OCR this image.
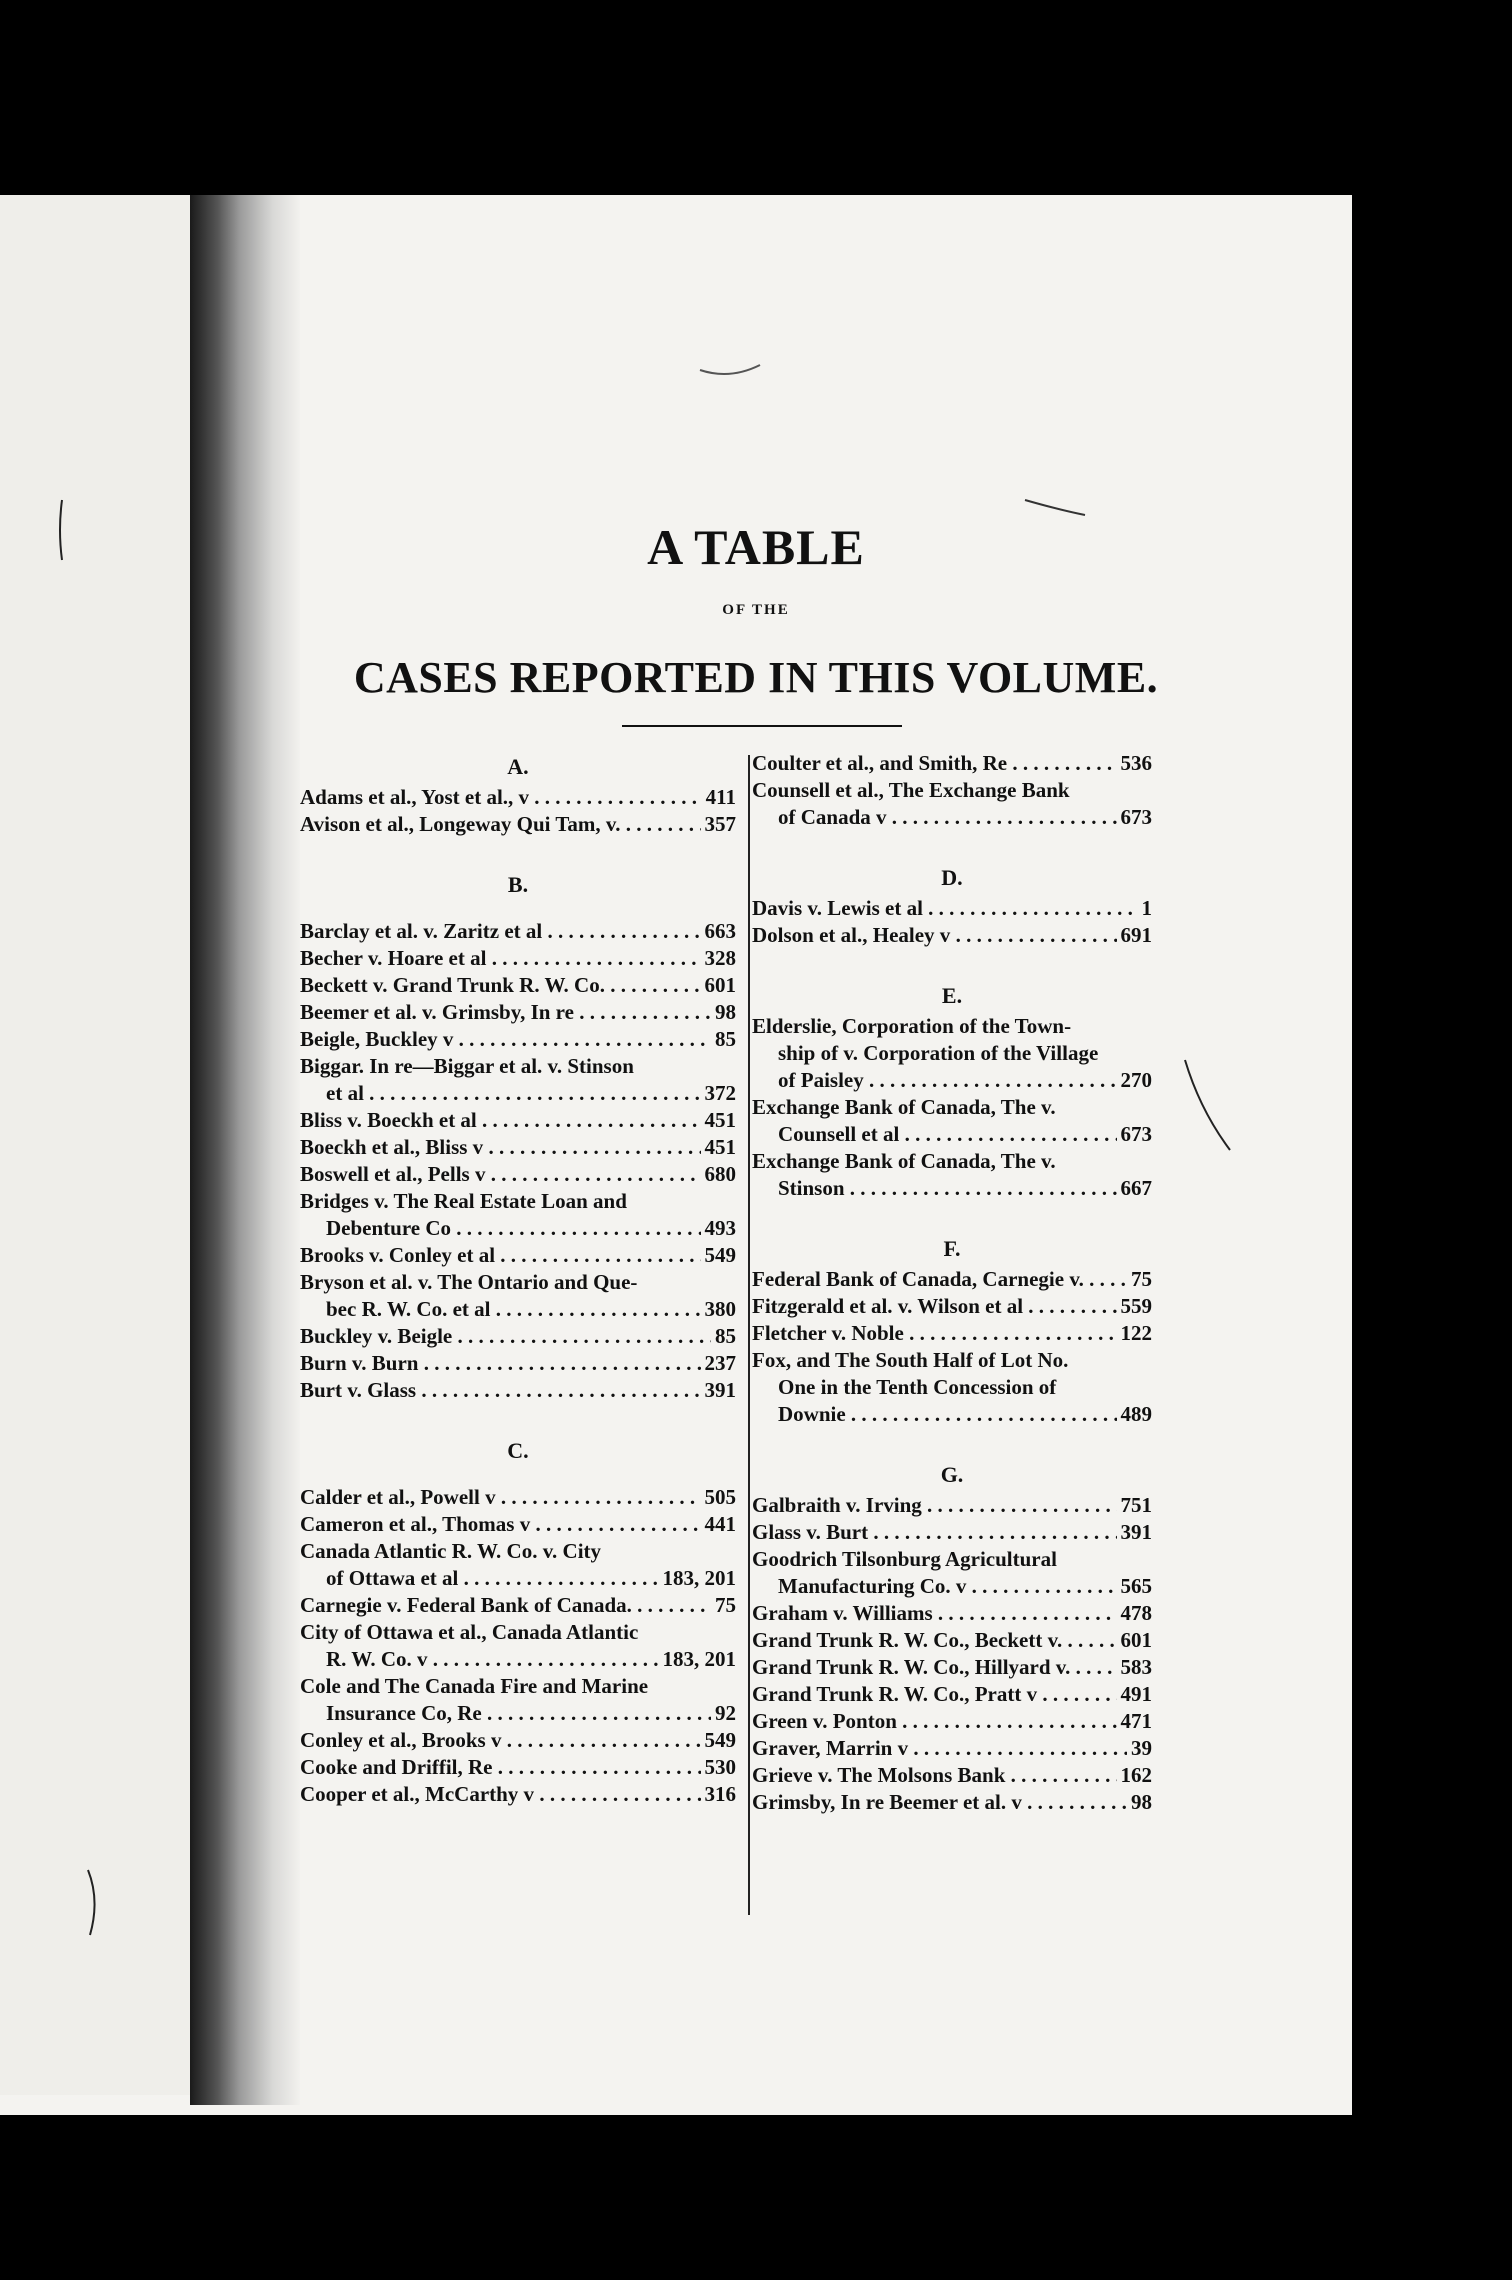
A TABLE
OF THE
CASES REPORTED IN THIS VOLUME.
A.
Adams et al., Yost et al., v . . .	411
Avison et al., Longeway Qui Tam, v. . . .	357
B.
Barclay et al. v. Zaritz et al . . .	663
Becher v. Hoare et al . . .	328
Beckett v. Grand Trunk R. W. Co. . . .	601
Beemer et al. v. Grimsby, In re . . .	98
Beigle, Buckley v . . .	85
Biggar. In re—Biggar et al. v. Stinson
et al . . .	372
Bliss v. Boeckh et al . . .	451
Boeckh et al., Bliss v . . .	451
Boswell et al., Pells v . . .	680
Bridges v. The Real Estate Loan and
Debenture Co . . .	493
Brooks v. Conley et al . . .	549
Bryson et al. v. The Ontario and Que-
bec R. W. Co. et al . . .	380
Buckley v. Beigle . . .	85
Burn v. Burn . . .	237
Burt v. Glass . . .	391
C.
Calder et al., Powell v . . .	505
Cameron et al., Thomas v . . .	441
Canada Atlantic R. W. Co. v. City
of Ottawa et al . . .	183, 201
Carnegie v. Federal Bank of Canada. . . .	75
City of Ottawa et al., Canada Atlantic
R. W. Co. v . . .	183, 201
Cole and The Canada Fire and Marine
Insurance Co, Re . . .	92
Conley et al., Brooks v . . .	549
Cooke and Driffil, Re . . .	530
Cooper et al., McCarthy v . . .	316
Coulter et al., and Smith, Re . . .	536
Counsell et al., The Exchange Bank
of Canada v . . .	673
D.
Davis v. Lewis et al . . .	1
Dolson et al., Healey v . . .	691
E.
Elderslie, Corporation of the Town-
ship of v. Corporation of the Village
of Paisley . . .	270
Exchange Bank of Canada, The v.
Counsell et al . . .	673
Exchange Bank of Canada, The v.
Stinson . . .	667
F.
Federal Bank of Canada, Carnegie v. . . .	75
Fitzgerald et al. v. Wilson et al . . .	559
Fletcher v. Noble . . .	122
Fox, and The South Half of Lot No.
One in the Tenth Concession of
Downie . . .	489
G.
Galbraith v. Irving . . .	751
Glass v. Burt . . .	391
Goodrich Tilsonburg Agricultural
Manufacturing Co. v . . .	565
Graham v. Williams . . .	478
Grand Trunk R. W. Co., Beckett v. . . .	601
Grand Trunk R. W. Co., Hillyard v. . . .	583
Grand Trunk R. W. Co., Pratt v . . .	491
Green v. Ponton . . .	471
Graver, Marrin v . . .	39
Grieve v. The Molsons Bank . . .	162
Grimsby, In re Beemer et al. v . . .	98
